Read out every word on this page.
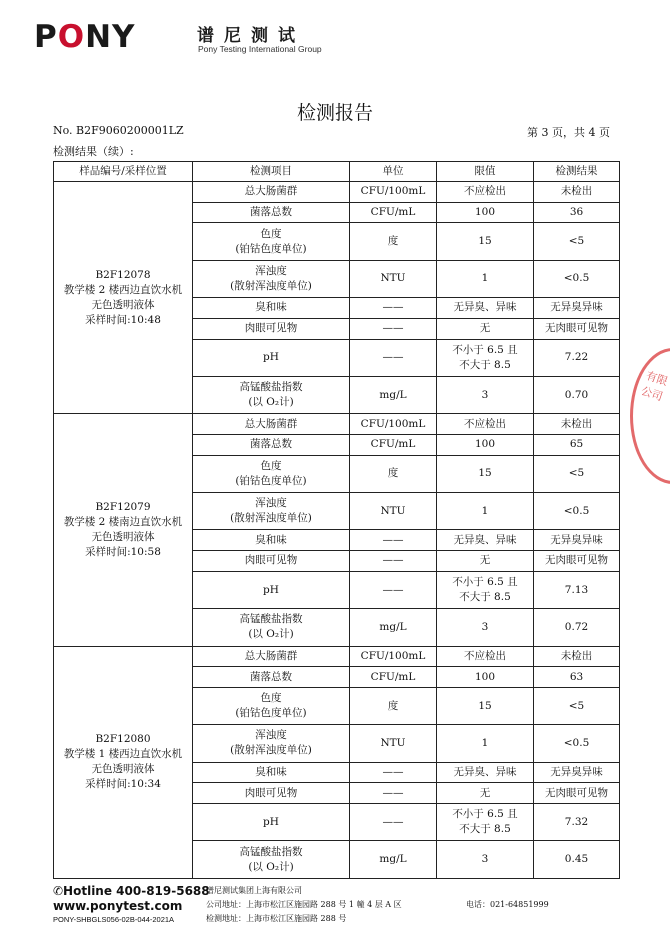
PONY	谱尼测试
Pony Testing International Group
检测报告
No. B2F9060200001LZ	第 3 页，共 4 页
检测结果（续）:
样品编号/采样位置	检测项目	单位	限值	检测结果

B2F12078
教学楼 2 楼西边直饮水机
无色透明液体
采样时间:10:48	总大肠菌群	CFU/100mL	不应检出	未检出

	菌落总数	CFU/mL	100	36

	色度
(铂钴色度单位)	度	15	<5

	浑浊度
(散射浑浊度单位)	NTU	1	<0.5

	臭和味	——	无异臭、异味	无异臭异味

	肉眼可见物	——	无	无肉眼可见物

	pH	——	不小于 6.5 且
不大于 8.5	7.22

	高锰酸盐指数
(以 O₂计)	mg/L	3	0.70

B2F12079
教学楼 2 楼南边直饮水机
无色透明液体
采样时间:10:58	总大肠菌群	CFU/100mL	不应检出	未检出

	菌落总数	CFU/mL	100	65

	色度
(铂钴色度单位)	度	15	<5

	浑浊度
(散射浑浊度单位)	NTU	1	<0.5

	臭和味	——	无异臭、异味	无异臭异味

	肉眼可见物	——	无	无肉眼可见物

	pH	——	不小于 6.5 且
不大于 8.5	7.13

	高锰酸盐指数
(以 O₂计)	mg/L	3	0.72

B2F12080
教学楼 1 楼西边直饮水机
无色透明液体
采样时间:10:34	总大肠菌群	CFU/100mL	不应检出	未检出

	菌落总数	CFU/mL	100	63

	色度
(铂钴色度单位)	度	15	<5

	浑浊度
(散射浑浊度单位)	NTU	1	<0.5

	臭和味	——	无异臭、异味	无异臭异味

	肉眼可见物	——	无	无肉眼可见物

	pH	——	不小于 6.5 且
不大于 8.5	7.32

	高锰酸盐指数
(以 O₂计)	mg/L	3	0.45
有限公司
✆Hotline 400-819-5688
www.ponytest.com
PONY-SHBGLS056-02B-044-2021A
谱尼测试集团上海有限公司
公司地址：上海市松江区施园路 288 号 1 幢 4 层 A 区
检测地址：上海市松江区施园路 288 号
电话：021-64851999
